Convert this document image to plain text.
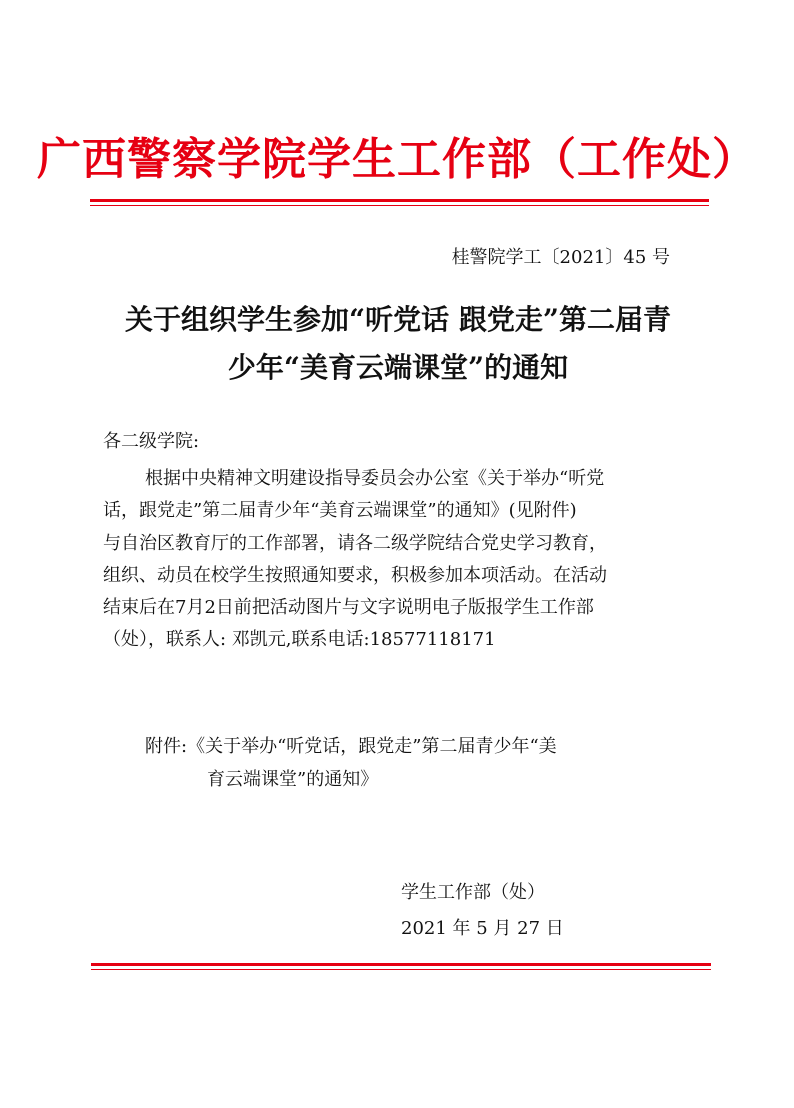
广西警察学院学生工作部（工作处）
桂警院学工〔2021〕45 号
关于组织学生参加“听党话 跟党走”第二届青
少年“美育云端课堂”的通知
各二级学院:
根据中央精神文明建设指导委员会办公室《关于举办“听党
话，跟党走”第二届青少年“美育云端课堂”的通知》(见附件)
与自治区教育厅的工作部署，请各二级学院结合党史学习教育，
组织、动员在校学生按照通知要求，积极参加本项活动。在活动
结束后在7月2日前把活动图片与文字说明电子版报学生工作部
（处），联系人: 邓凯元,联系电话:18577118171
附件:《关于举办“听党话，跟党走”第二届青少年“美
育云端课堂”的通知》
学生工作部（处）
2021 年 5 月 27 日
